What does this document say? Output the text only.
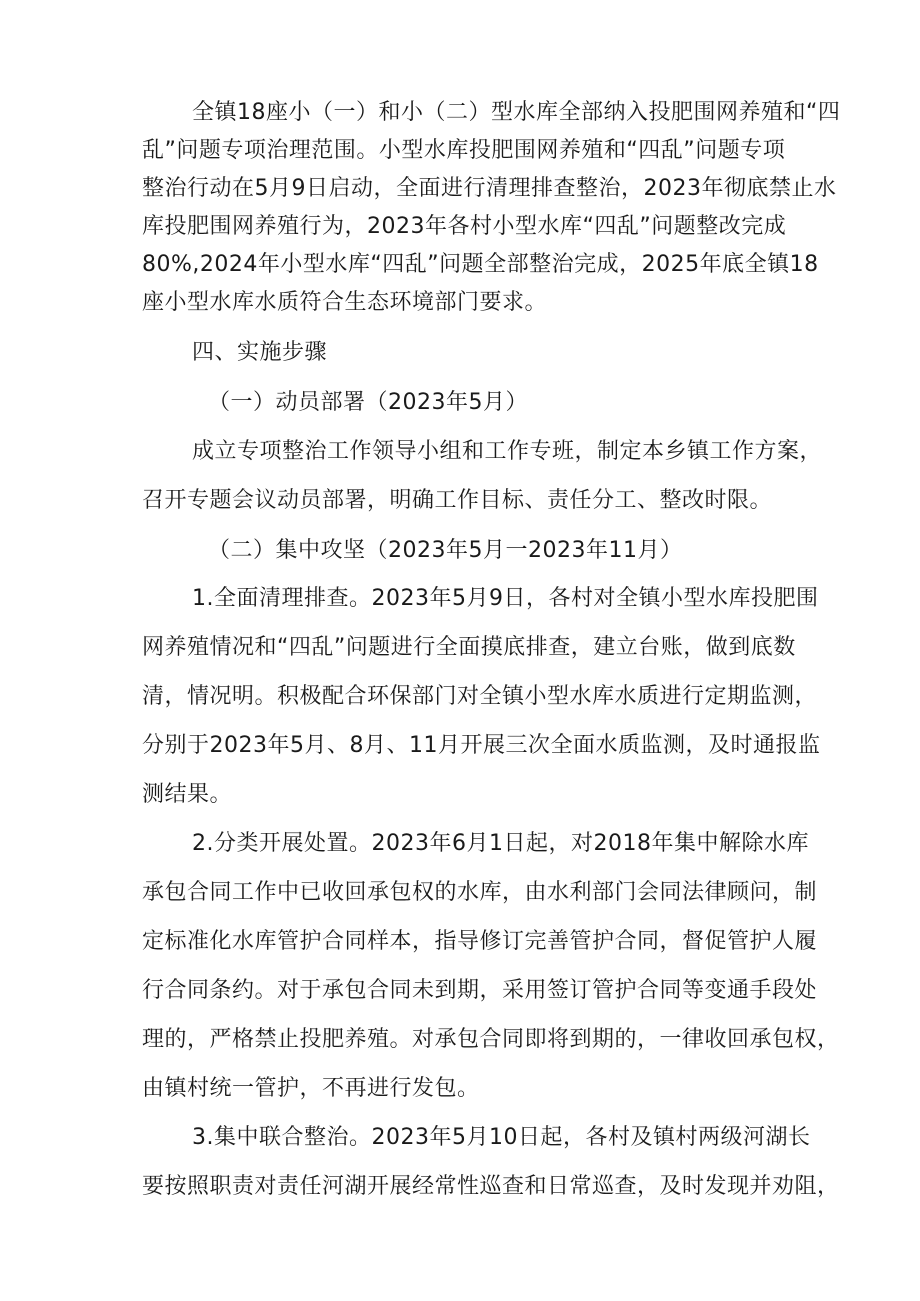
全镇18座小（一）和小（二）型水库全部纳入投肥围网养殖和“四
乱”问题专项治理范围。小型水库投肥围网养殖和“四乱”问题专项
整治行动在5月9日启动，全面进行清理排查整治，2023年彻底禁止水
库投肥围网养殖行为，2023年各村小型水库“四乱”问题整改完成
80%,2024年小型水库“四乱”问题全部整治完成，2025年底全镇18
座小型水库水质符合生态环境部门要求。
四、实施步骤
（一）动员部署（2023年5月）
成立专项整治工作领导小组和工作专班，制定本乡镇工作方案，
召开专题会议动员部署，明确工作目标、责任分工、整改时限。
（二）集中攻坚（2023年5月一2023年11月）
1.全面清理排查。2023年5月9日，各村对全镇小型水库投肥围
网养殖情况和“四乱”问题进行全面摸底排查，建立台账，做到底数
清，情况明。积极配合环保部门对全镇小型水库水质进行定期监测，
分别于2023年5月、8月、11月开展三次全面水质监测，及时通报监
测结果。
2.分类开展处置。2023年6月1日起，对2018年集中解除水库
承包合同工作中已收回承包权的水库，由水利部门会同法律顾问，制
定标准化水库管护合同样本，指导修订完善管护合同，督促管护人履
行合同条约。对于承包合同未到期，采用签订管护合同等变通手段处
理的，严格禁止投肥养殖。对承包合同即将到期的，一律收回承包权，
由镇村统一管护，不再进行发包。
3.集中联合整治。2023年5月10日起，各村及镇村两级河湖长
要按照职责对责任河湖开展经常性巡查和日常巡查，及时发现并劝阻，
